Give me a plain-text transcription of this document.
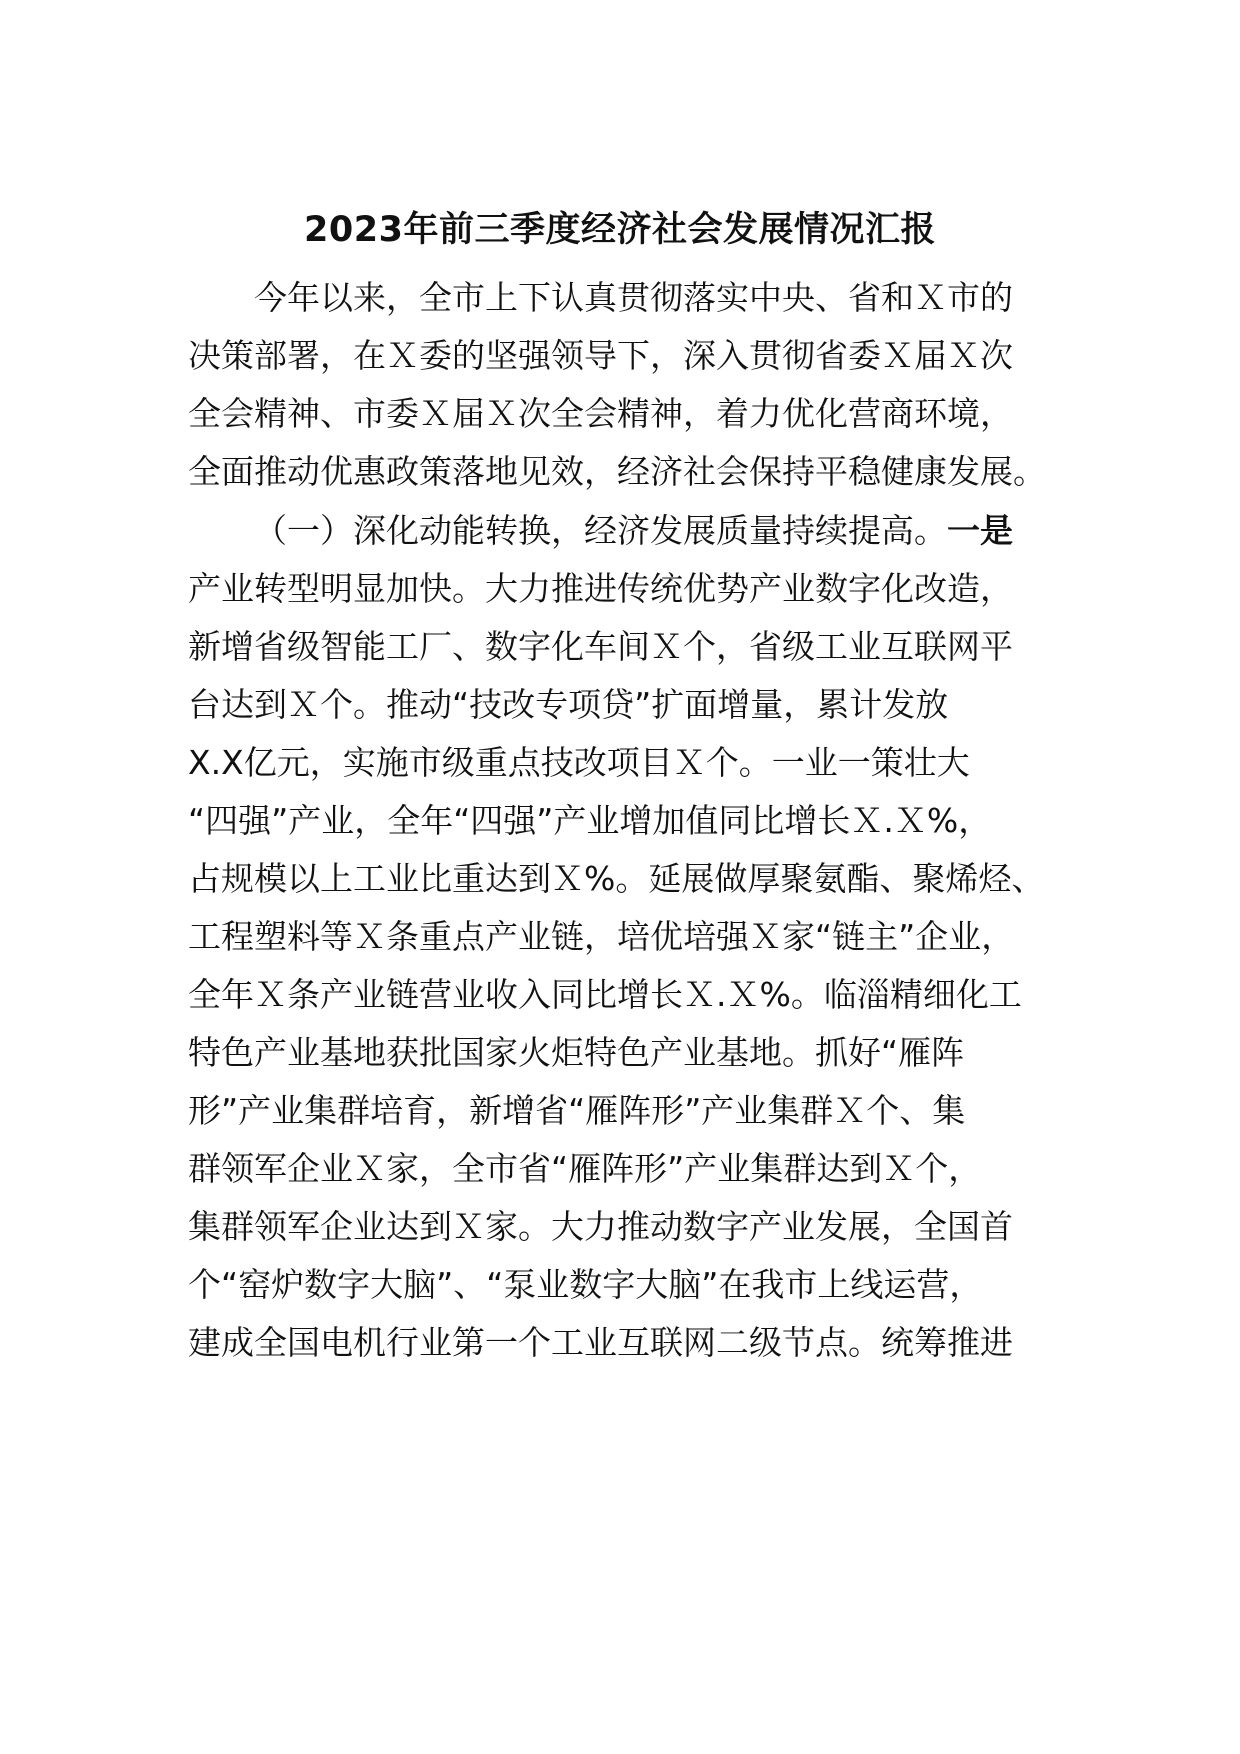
2023年前三季度经济社会发展情况汇报

今年以来，全市上下认真贯彻落实中央、省和Ｘ市的

决策部署，在Ｘ委的坚强领导下，深入贯彻省委Ｘ届Ｘ次

全会精神、市委Ｘ届Ｘ次全会精神，着力优化营商环境，

全面推动优惠政策落地见效，经济社会保持平稳健康发展。

（一）深化动能转换，经济发展质量持续提高。一是

产业转型明显加快。大力推进传统优势产业数字化改造，

新增省级智能工厂、数字化车间Ｘ个，省级工业互联网平

台达到Ｘ个。推动“技改专项贷”扩面增量，累计发放

X.X亿元，实施市级重点技改项目Ｘ个。一业一策壮大

“四强”产业，全年“四强”产业增加值同比增长Ｘ.Ｘ%，

占规模以上工业比重达到Ｘ%。延展做厚聚氨酯、聚烯烃、

工程塑料等Ｘ条重点产业链，培优培强Ｘ家“链主”企业，

全年Ｘ条产业链营业收入同比增长Ｘ.Ｘ%。临淄精细化工

特色产业基地获批国家火炬特色产业基地。抓好“雁阵

形”产业集群培育，新增省“雁阵形”产业集群Ｘ个、集

群领军企业Ｘ家，全市省“雁阵形”产业集群达到Ｘ个，

集群领军企业达到Ｘ家。大力推动数字产业发展，全国首

个“窑炉数字大脑”、“泵业数字大脑”在我市上线运营，

建成全国电机行业第一个工业互联网二级节点。统筹推进
